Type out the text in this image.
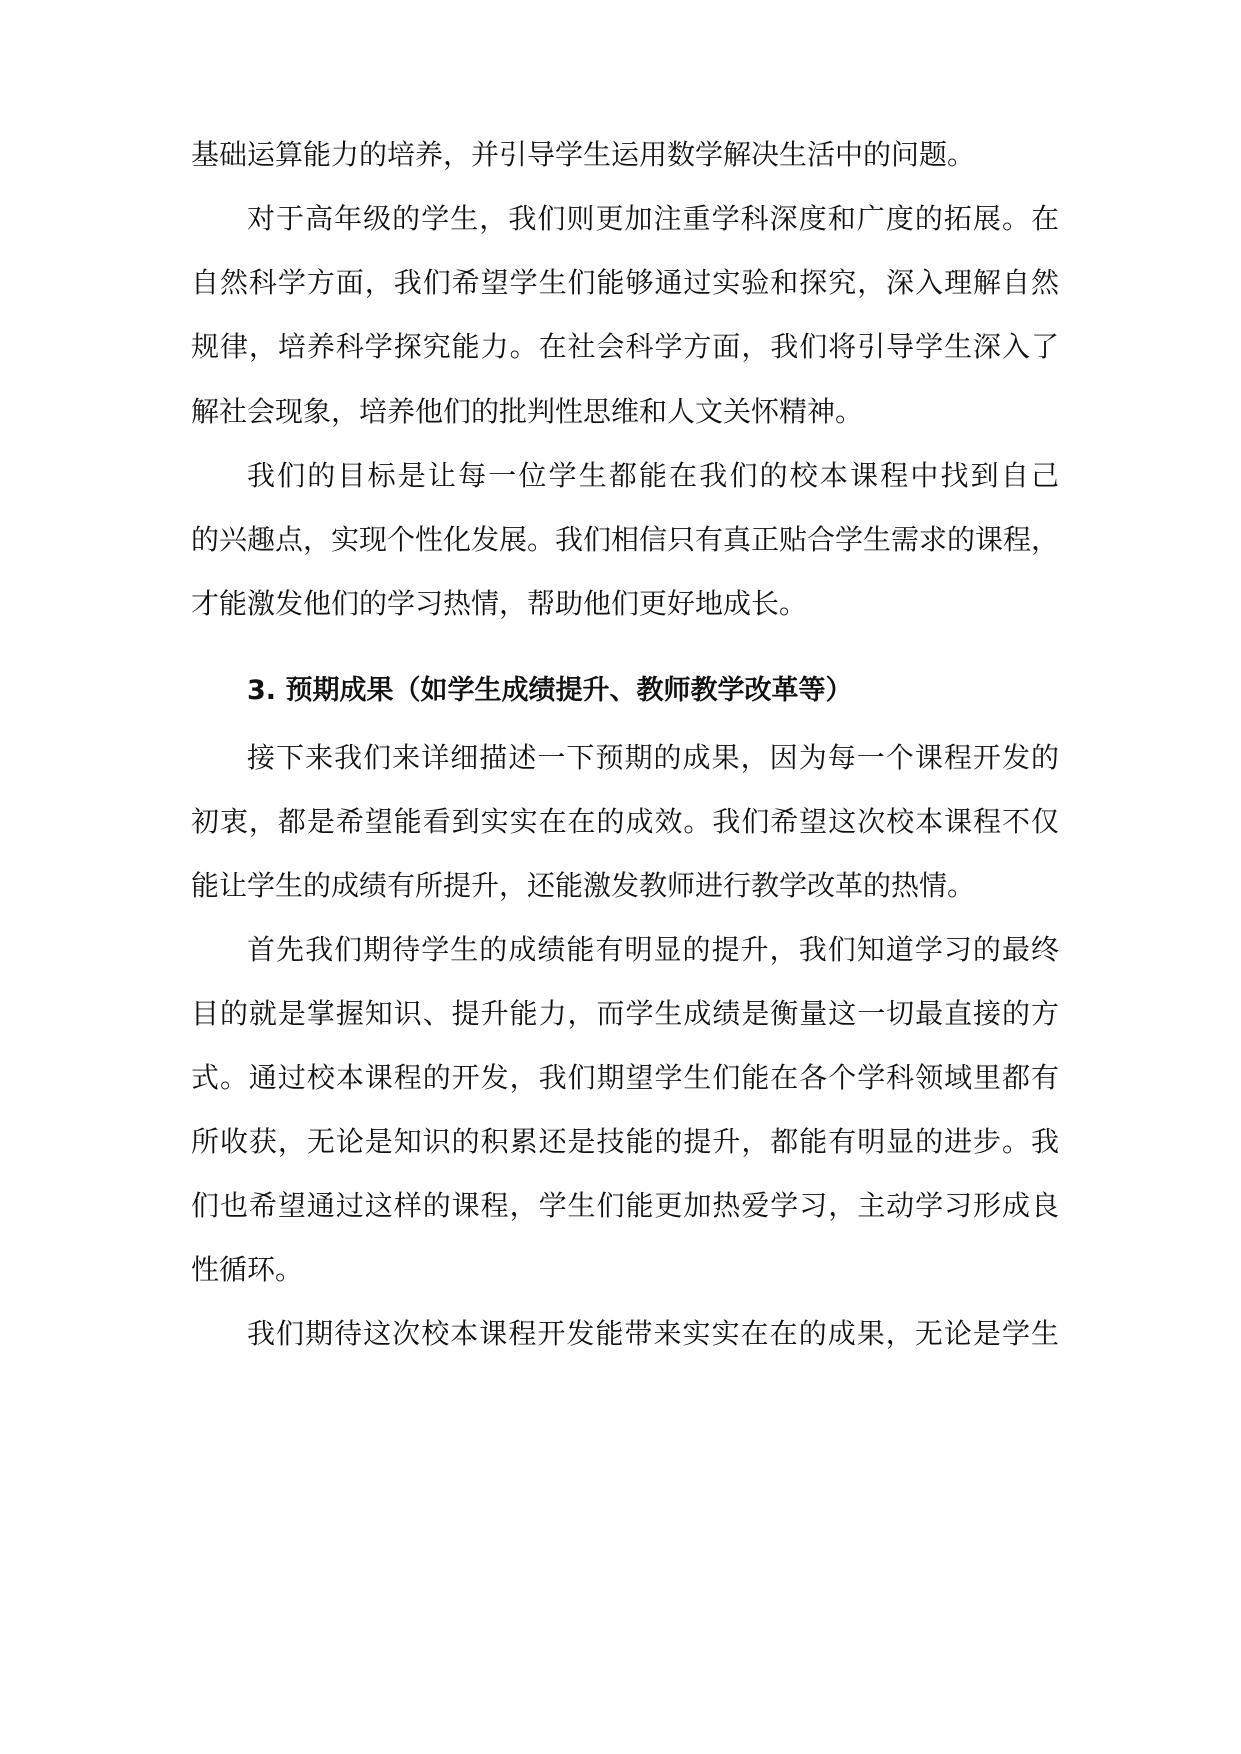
基础运算能力的培养，并引导学生运用数学解决生活中的问题。

对于高年级的学生，我们则更加注重学科深度和广度的拓展。在

自然科学方面，我们希望学生们能够通过实验和探究，深入理解自然

规律，培养科学探究能力。在社会科学方面，我们将引导学生深入了

解社会现象，培养他们的批判性思维和人文关怀精神。

我们的目标是让每一位学生都能在我们的校本课程中找到自己

的兴趣点，实现个性化发展。我们相信只有真正贴合学生需求的课程，

才能激发他们的学习热情，帮助他们更好地成长。

3. 预期成果（如学生成绩提升、教师教学改革等）

接下来我们来详细描述一下预期的成果，因为每一个课程开发的

初衷，都是希望能看到实实在在的成效。我们希望这次校本课程不仅

能让学生的成绩有所提升，还能激发教师进行教学改革的热情。

首先我们期待学生的成绩能有明显的提升，我们知道学习的最终

目的就是掌握知识、提升能力，而学生成绩是衡量这一切最直接的方

式。通过校本课程的开发，我们期望学生们能在各个学科领域里都有

所收获，无论是知识的积累还是技能的提升，都能有明显的进步。我

们也希望通过这样的课程，学生们能更加热爱学习，主动学习形成良

性循环。

我们期待这次校本课程开发能带来实实在在的成果，无论是学生
